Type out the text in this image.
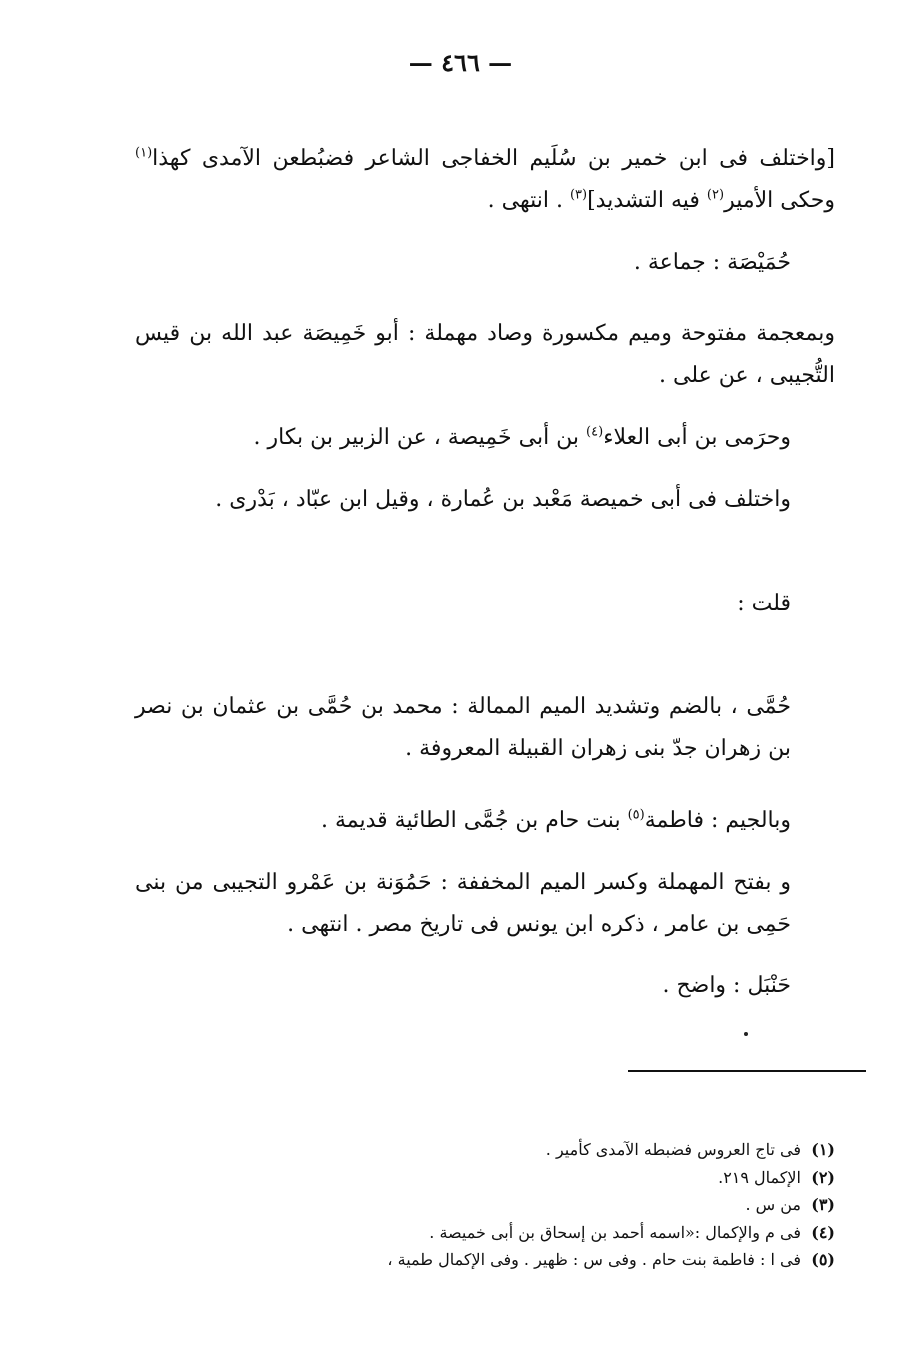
— ٤٦٦ —

[واختلف فى ابن خمير بن سُلَيم الخفاجى الشاعر فضبُطعن الآمدى كهذا$^{(١)}$ وحكى الأمير$^{(٢)}$ فيه التشديد]$^{(٣)}$ . انتهى .

حُمَيْصَة : جماعة .

وبمعجمة مفتوحة وميم مكسورة وصاد مهملة : أبو خَمِيصَة عبد الله بن قيس التُّجيبى ، عن على .

وحرَمى بن أبى العلاء$^{(٤)}$ بن أبى خَمِيصة ، عن الزبير بن بكار .

واختلف فى أبى خميصة مَعْبد بن عُمارة ، وقيل ابن عبّاد ، بَدْرى .

قلت :

حُمَّى ، بالضم وتشديد الميم الممالة : محمد بن حُمَّى بن عثمان بن نصر بن زهران جدّ بنى زهران القبيلة المعروفة .

وبالجيم : فاطمة$^{(٥)}$ بنت حام بن جُمَّى الطائية قديمة .

و بفتح المهملة وكسر الميم المخففة : حَمُوَنة بن عَمْرو التجيبى من بنى حَمِى بن عامر ، ذكره ابن يونس فى تاريخ مصر . انتهى .

حَنْبَل : واضح .

(١)فى تاج العروس فضبطه الآمدى كأمير .

(٢)الإكمال ٢١٩.

(٣)من س .

(٤)فى م والإكمال :«اسمه أحمد بن إسحاق بن أبى خميصة .

(٥)فى ا : فاطمة بنت حام . وفى س : ظهير . وفى الإكمال طمية ،
